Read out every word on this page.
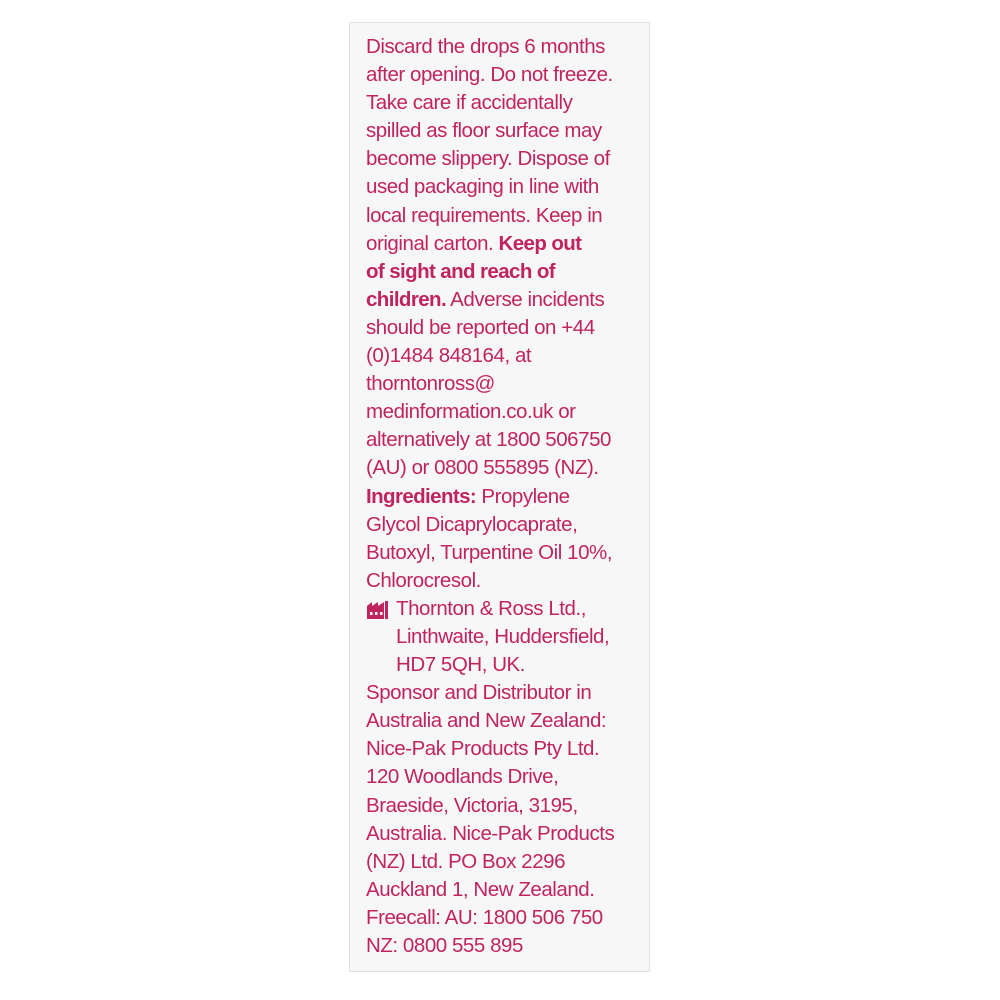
Discard the drops 6 months
after opening. Do not freeze.
Take care if accidentally
spilled as floor surface may
become slippery. Dispose of
used packaging in line with
local requirements. Keep in
original carton. Keep out
of sight and reach of
children. Adverse incidents
should be reported on +44
(0)1484 848164, at
thorntonross@
medinformation.co.uk or
alternatively at 1800 506750
(AU) or 0800 555895 (NZ).
Ingredients: Propylene
Glycol Dicaprylocaprate,
Butoxyl, Turpentine Oil 10%,
Chlorocresol.
Thornton & Ross Ltd.,
Linthwaite, Huddersfield,
HD7 5QH, UK.
Sponsor and Distributor in
Australia and New Zealand:
Nice-Pak Products Pty Ltd.
120 Woodlands Drive,
Braeside, Victoria, 3195,
Australia. Nice-Pak Products
(NZ) Ltd. PO Box 2296
Auckland 1, New Zealand.
Freecall: AU: 1800 506 750
NZ: 0800 555 895
